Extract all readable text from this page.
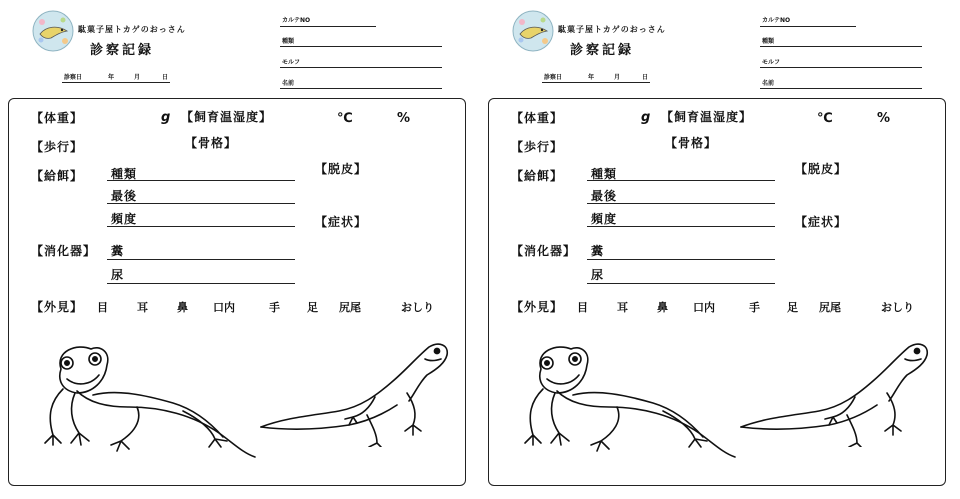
駄菓子屋トカゲのおっさん
診察記録
診察日	年	月	日
カルテNO
種類
モルフ
名前
【体重】	g 【飼育温湿度】	℃	%
【歩行】	【骨格】
【給餌】 種類
最後
頻度
【脱皮】
【症状】
【消化器】 糞
尿
【外見】 目	耳	鼻 口内	手 足 尻尾	おしり
駄菓子屋トカゲのおっさん
診察記録
診察日	年	月	日
カルテNO
種類
モルフ
名前
【体重】	g 【飼育温湿度】	℃	%
【歩行】	【骨格】
【給餌】 種類
最後
頻度
【脱皮】
【症状】
【消化器】 糞
尿
【外見】 目	耳	鼻 口内	手 足 尻尾	おしり
